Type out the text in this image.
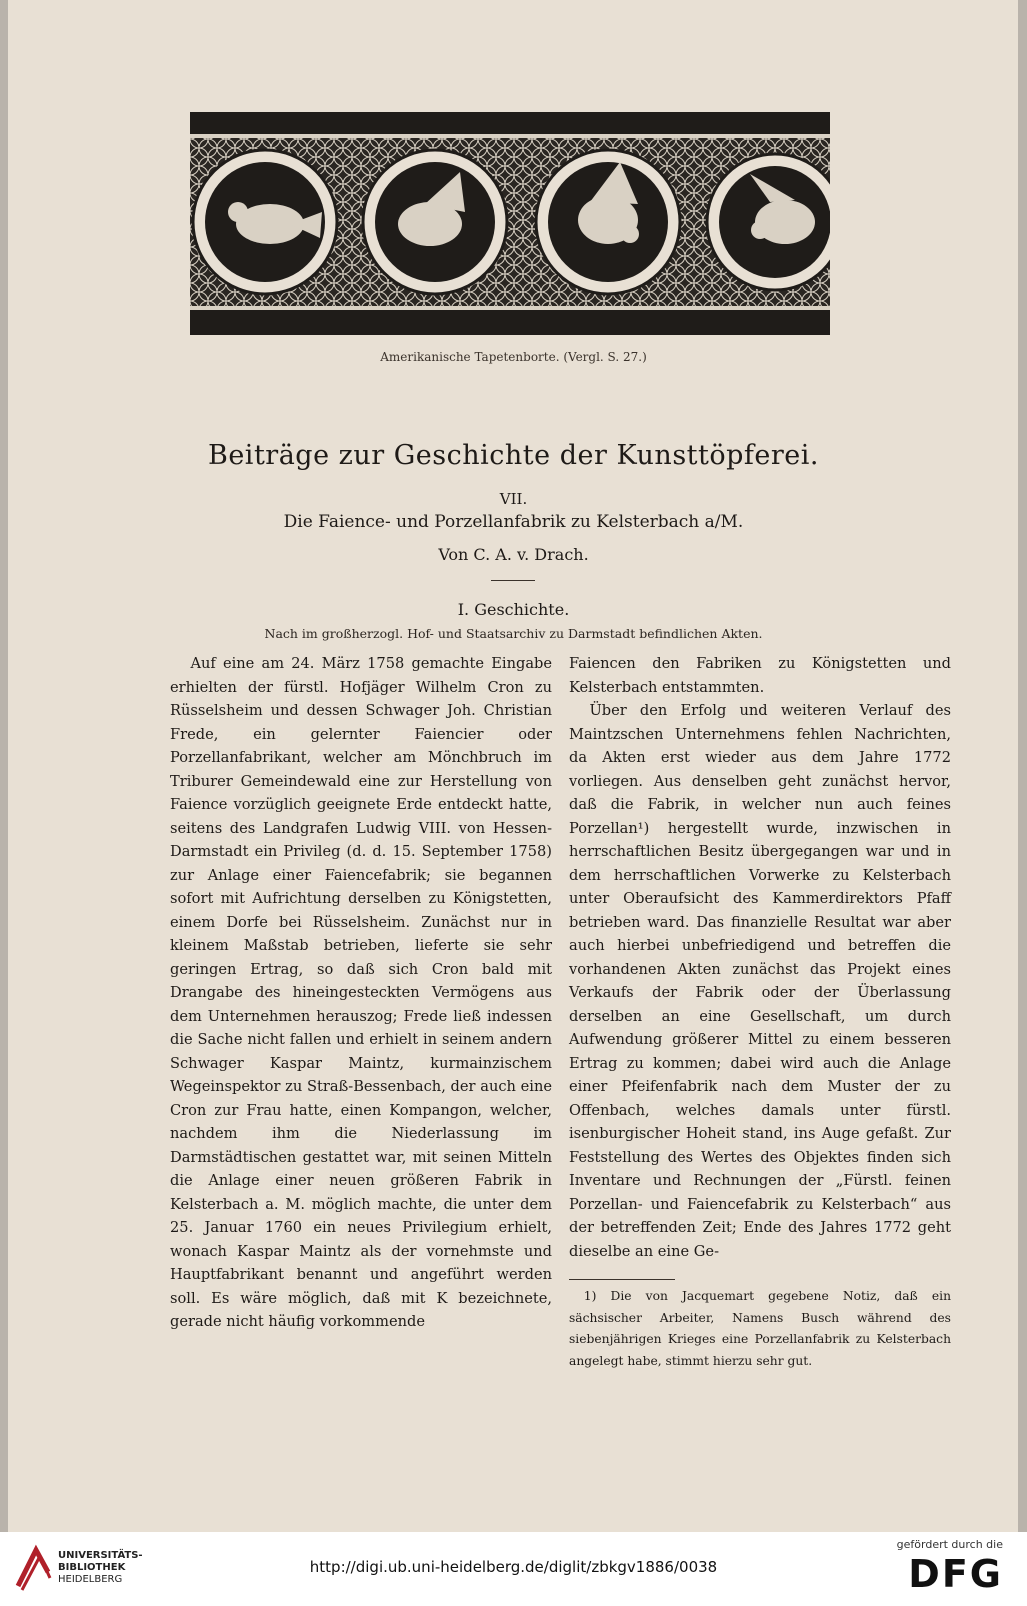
Amerikanische Tapetenborte. (Vergl. S. 27.)
Beiträge zur Geschichte der Kunsttöpferei.
VII.
Die Faience- und Porzellanfabrik zu Kelsterbach a/M.
Von C. A. v. Drach.
I. Geschichte.
Nach im großherzogl. Hof- und Staatsarchiv zu Darmstadt befindlichen Akten.

Auf eine am 24. März 1758 gemachte Eingabe erhielten der fürstl. Hofjäger Wilhelm Cron zu Rüsselsheim und dessen Schwager Joh. Christian Frede, ein gelernter Faiencier oder Porzellanfabrikant, welcher am Mönchbruch im Triburer Gemeindewald eine zur Herstellung von Faience vorzüglich geeignete Erde entdeckt hatte, seitens des Landgrafen Ludwig VIII. von Hessen-Darmstadt ein Privileg (d. d. 15. September 1758) zur Anlage einer Faiencefabrik; sie begannen sofort mit Aufrichtung derselben zu Königstetten, einem Dorfe bei Rüsselsheim. Zunächst nur in kleinem Maßstab betrieben, lieferte sie sehr geringen Ertrag, so daß sich Cron bald mit Drangabe des hineingesteckten Vermögens aus dem Unternehmen herauszog; Frede ließ indessen die Sache nicht fallen und erhielt in seinem andern Schwager Kaspar Maintz, kurmainzischem Wegeinspektor zu Straß-Bessenbach, der auch eine Cron zur Frau hatte, einen Kompangon, welcher, nachdem ihm die Niederlassung im Darmstädtischen gestattet war, mit seinen Mitteln die Anlage einer neuen größeren Fabrik in Kelsterbach a. M. möglich machte, die unter dem 25. Januar 1760 ein neues Privilegium erhielt, wonach Kaspar Maintz als der vornehmste und Hauptfabrikant benannt und angeführt werden soll. Es wäre möglich, daß mit K bezeichnete, gerade nicht häufig vorkommende

Faiencen den Fabriken zu Königstetten und Kelsterbach entstammten.

Über den Erfolg und weiteren Verlauf des Maintzschen Unternehmens fehlen Nachrichten, da Akten erst wieder aus dem Jahre 1772 vorliegen. Aus denselben geht zunächst hervor, daß die Fabrik, in welcher nun auch feines Porzellan¹) hergestellt wurde, inzwischen in herrschaftlichen Besitz übergegangen war und in dem herrschaftlichen Vorwerke zu Kelsterbach unter Oberaufsicht des Kammerdirektors Pfaff betrieben ward. Das finanzielle Resultat war aber auch hierbei unbefriedigend und betreffen die vorhandenen Akten zunächst das Projekt eines Verkaufs der Fabrik oder der Überlassung derselben an eine Gesellschaft, um durch Aufwendung größerer Mittel zu einem besseren Ertrag zu kommen; dabei wird auch die Anlage einer Pfeifenfabrik nach dem Muster der zu Offenbach, welches damals unter fürstl. isenburgischer Hoheit stand, ins Auge gefaßt. Zur Feststellung des Wertes des Objektes finden sich Inventare und Rechnungen der „Fürstl. feinen Porzellan- und Faiencefabrik zu Kelsterbach“ aus der betreffenden Zeit; Ende des Jahres 1772 geht dieselbe an eine Ge-

1) Die von Jacquemart gegebene Notiz, daß ein sächsischer Arbeiter, Namens Busch während des siebenjährigen Krieges eine Porzellanfabrik zu Kelsterbach angelegt habe, stimmt hierzu sehr gut.
UNIVERSITÄTS-
BIBLIOTHEK
HEIDELBERG
http://digi.ub.uni-heidelberg.de/diglit/zbkgv1886/0038
gefördert durch die
DFG
